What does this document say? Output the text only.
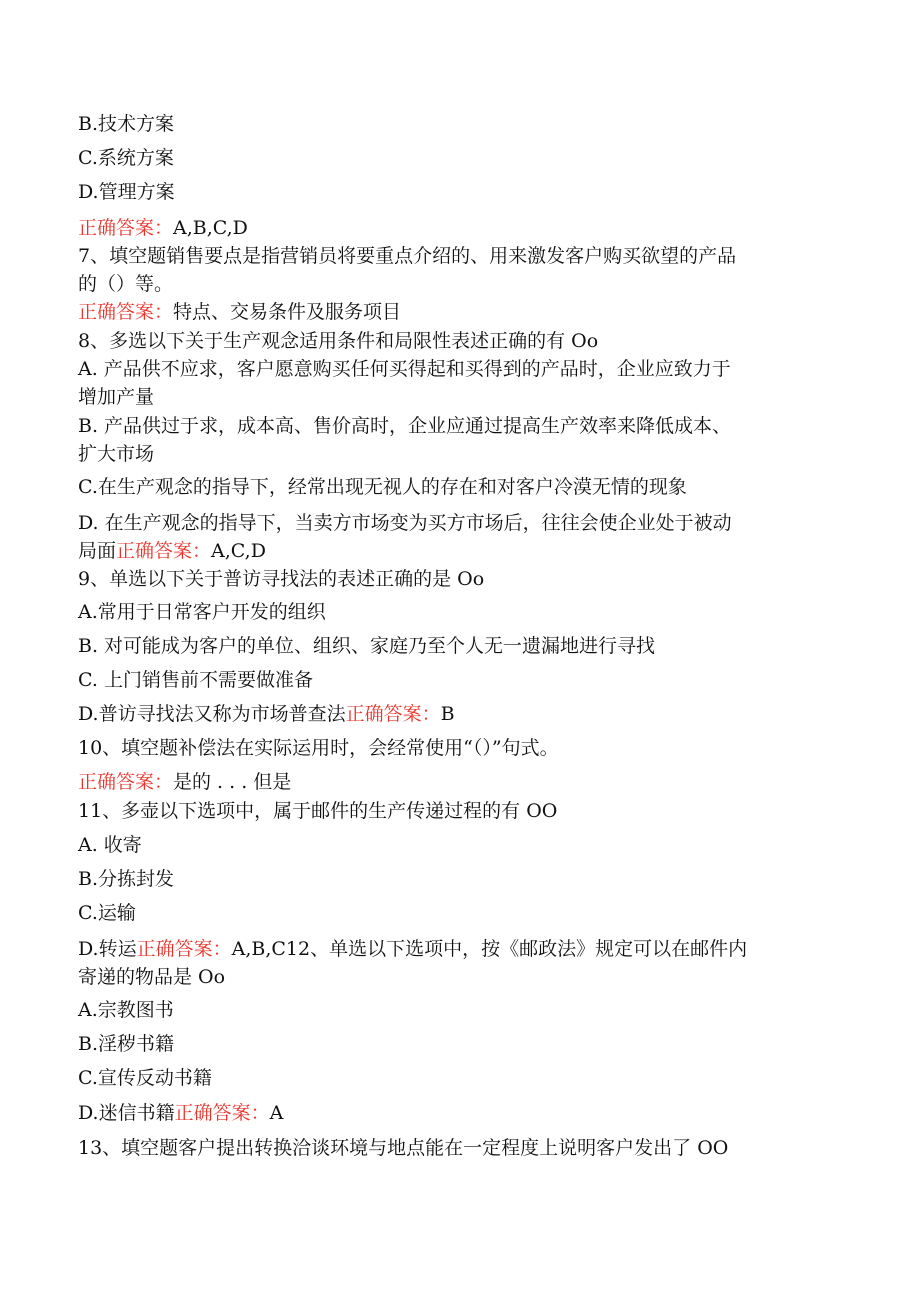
B.技术方案
C.系统方案
D.管理方案
正确答案：A,B,C,D
7、填空题销售要点是指营销员将要重点介绍的、用来激发客户购买欲望的产品
的（）等。
正确答案：特点、交易条件及服务项目
8、多选以下关于生产观念适用条件和局限性表述正确的有 Oo
A. 产品供不应求，客户愿意购买任何买得起和买得到的产品时，企业应致力于
增加产量
B. 产品供过于求，成本高、售价高时，企业应通过提高生产效率来降低成本、
扩大市场
C.在生产观念的指导下，经常出现无视人的存在和对客户冷漠无情的现象
D. 在生产观念的指导下，当卖方市场变为买方市场后，往往会使企业处于被动
局面正确答案：A,C,D
9、单选以下关于普访寻找法的表述正确的是 Oo
A.常用于日常客户开发的组织
B. 对可能成为客户的单位、组织、家庭乃至个人无一遗漏地进行寻找
C. 上门销售前不需要做准备
D.普访寻找法又称为市场普查法正确答案：B
10、填空题补偿法在实际运用时，会经常使用“（）”句式。
正确答案：是的 . . . 但是
11、多壶以下选项中，属于邮件的生产传递过程的有 OO
A. 收寄
B.分拣封发
C.运输
D.转运正确答案：A,B,C12、单选以下选项中，按《邮政法》规定可以在邮件内
寄递的物品是 Oo
A.宗教图书
B.淫秽书籍
C.宣传反动书籍
D.迷信书籍正确答案：A
13、填空题客户提出转换洽谈环境与地点能在一定程度上说明客户发出了 OO
